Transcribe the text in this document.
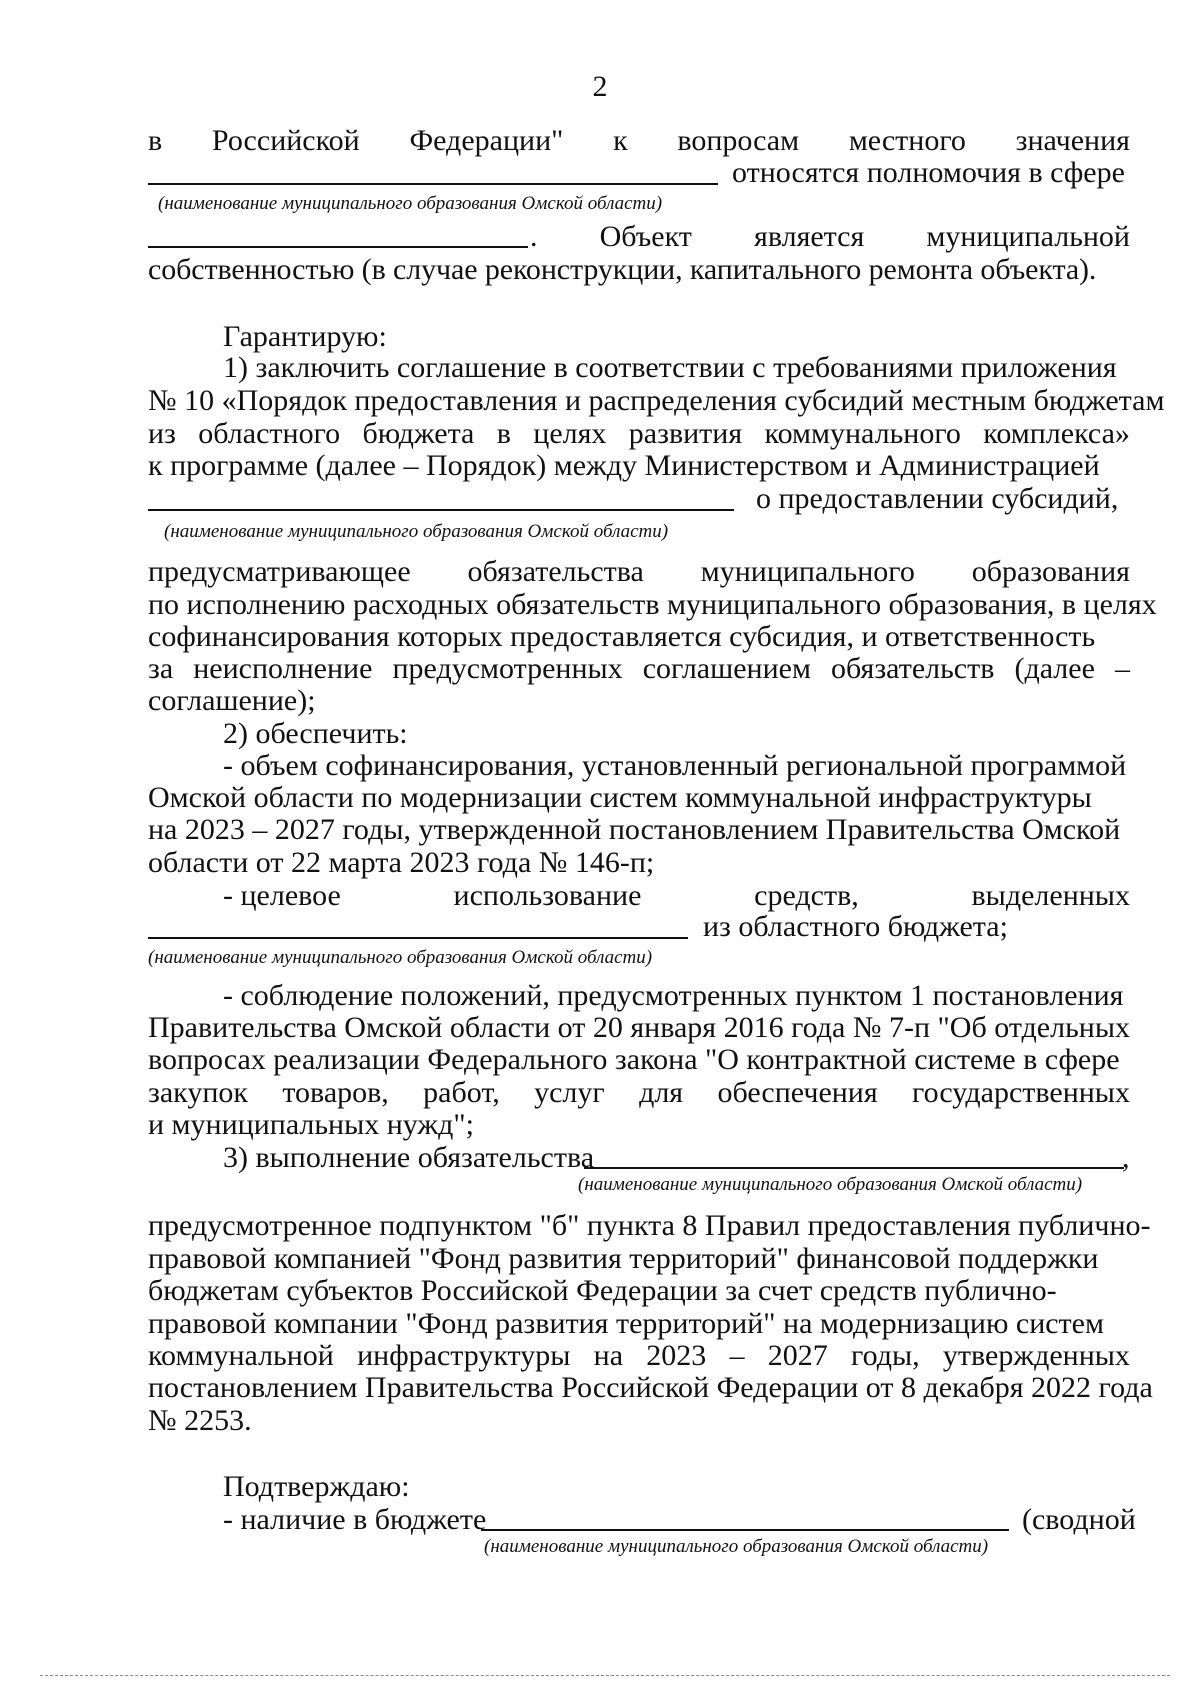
2
в Российской Федерации" к вопросам местного значения
относятся полномочия в сфере
(наименование муниципального образования Омской области)
. Объект является муниципальной
собственностью (в случае реконструкции, капитального ремонта объекта).
Гарантирую:
1) заключить соглашение в соответствии с требованиями приложения
№ 10 «Порядок предоставления и распределения субсидий местным бюджетам
из областного бюджета в целях развития коммунального комплекса»
к программе (далее – Порядок) между Министерством и Администрацией
о предоставлении субсидий,
(наименование муниципального образования Омской области)
предусматривающее обязательства муниципального образования
по исполнению расходных обязательств муниципального образования, в целях
софинансирования которых предоставляется субсидия, и ответственность
за неисполнение предусмотренных соглашением обязательств (далее –
соглашение);
2) обеспечить:
- объем софинансирования, установленный региональной программой
Омской области по модернизации систем коммунальной инфраструктуры
на 2023 – 2027 годы, утвержденной постановлением Правительства Омской
области от 22 марта 2023 года № 146-п;
- целевое	использование	средств,	выделенных
из областного бюджета;
(наименование муниципального образования Омской области)
- соблюдение положений, предусмотренных пунктом 1 постановления
Правительства Омской области от 20 января 2016 года № 7-п "Об отдельных
вопросах реализации Федерального закона "О контрактной системе в сфере
закупок товаров, работ, услуг для обеспечения государственных
и муниципальных нужд";
3) выполнение обязательства	,
(наименование муниципального образования Омской области)
предусмотренное подпунктом "б" пункта 8 Правил предоставления публично-
правовой компанией "Фонд развития территорий" финансовой поддержки
бюджетам субъектов Российской Федерации за счет средств публично-
правовой компании "Фонд развития территорий" на модернизацию систем
коммунальной инфраструктуры на 2023 – 2027 годы, утвержденных
постановлением Правительства Российской Федерации от 8 декабря 2022 года
№ 2253.
Подтверждаю:
- наличие в бюджете	(сводной
(наименование муниципального образования Омской области)
